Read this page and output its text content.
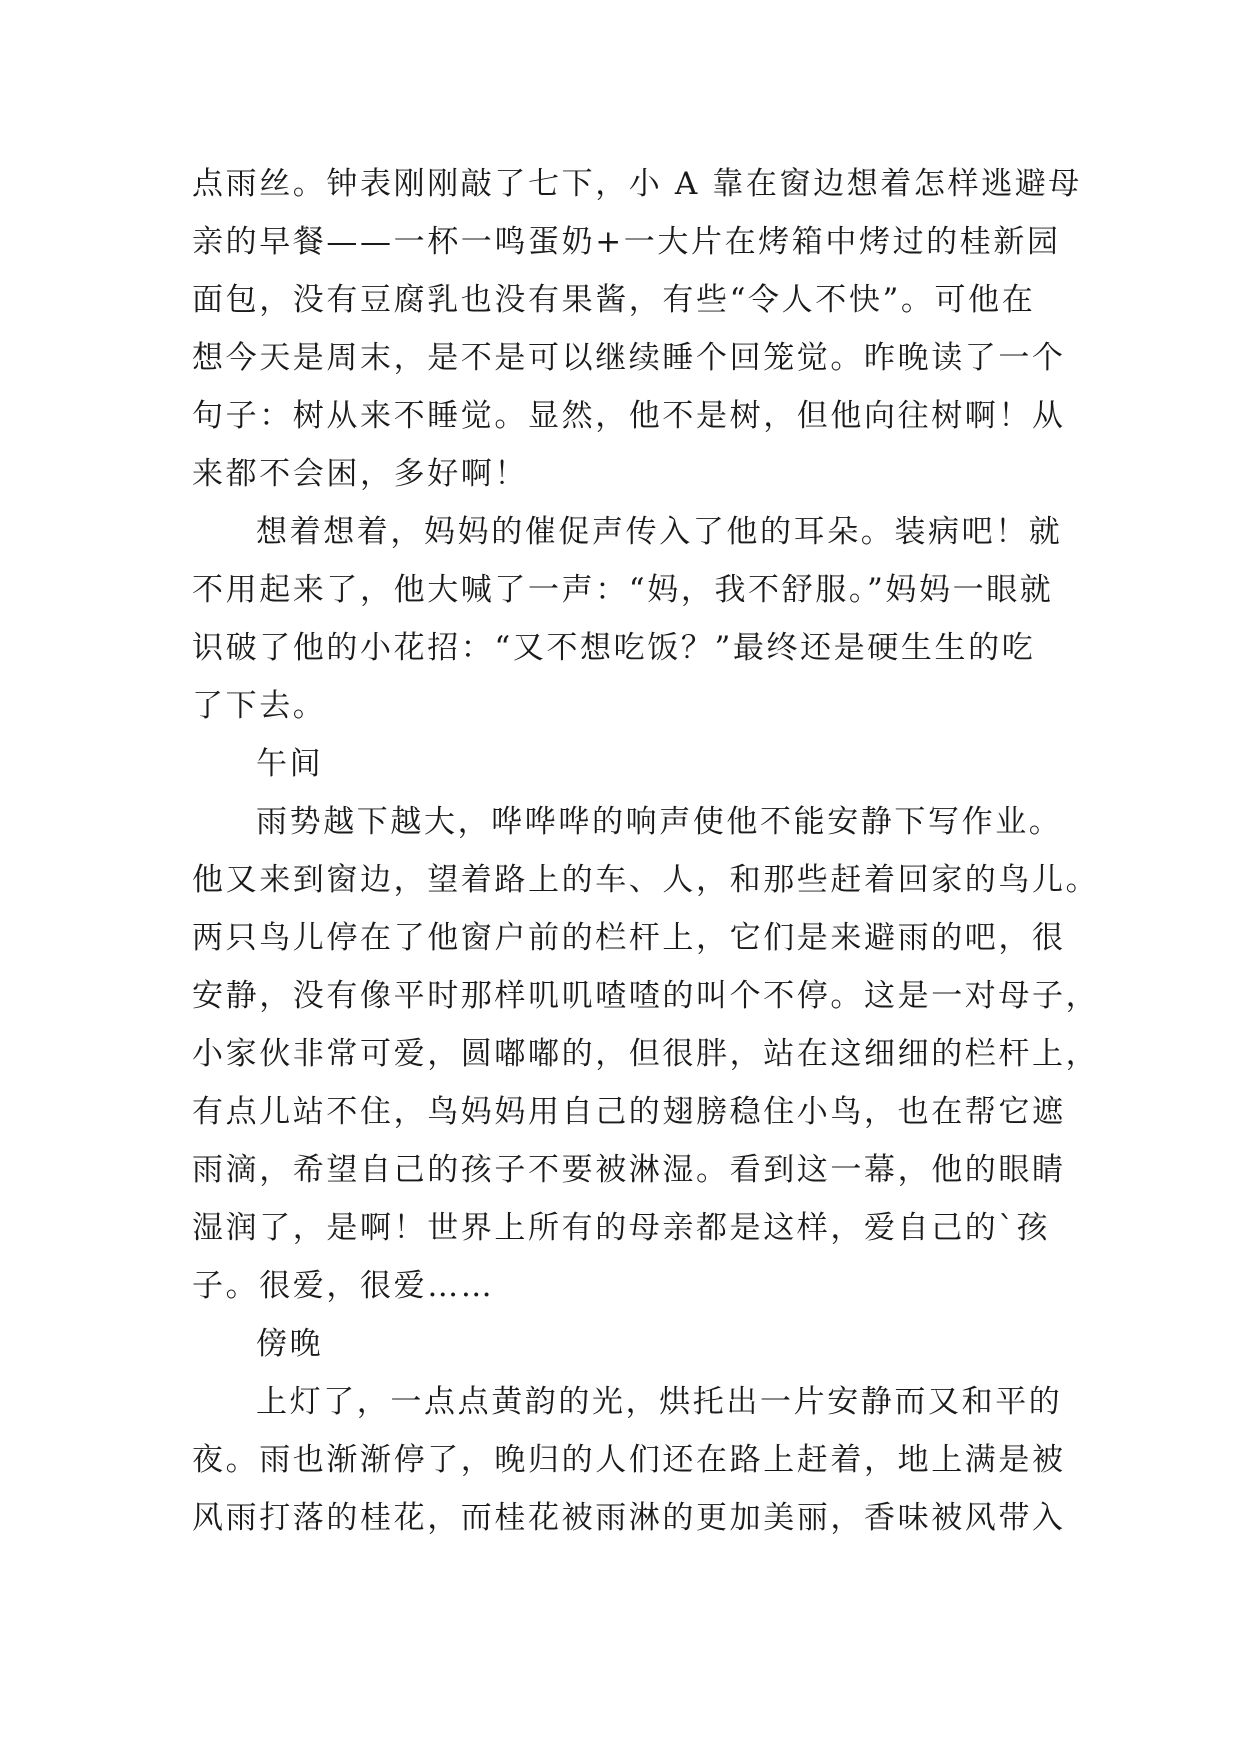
点雨丝。钟表刚刚敲了七下，小 A 靠在窗边想着怎样逃避母
亲的早餐——一杯一鸣蛋奶+一大片在烤箱中烤过的桂新园
面包，没有豆腐乳也没有果酱，有些“令人不快”。可他在
想今天是周末，是不是可以继续睡个回笼觉。昨晚读了一个
句子：树从来不睡觉。显然，他不是树，但他向往树啊！从
来都不会困，多好啊！
想着想着，妈妈的催促声传入了他的耳朵。装病吧！就
不用起来了，他大喊了一声：“妈，我不舒服。”妈妈一眼就
识破了他的小花招：“又不想吃饭？”最终还是硬生生的吃
了下去。
午间
雨势越下越大，哗哗哗的响声使他不能安静下写作业。
他又来到窗边，望着路上的车、人，和那些赶着回家的鸟儿。
两只鸟儿停在了他窗户前的栏杆上，它们是来避雨的吧，很
安静，没有像平时那样叽叽喳喳的叫个不停。这是一对母子，
小家伙非常可爱，圆嘟嘟的，但很胖，站在这细细的栏杆上，
有点儿站不住，鸟妈妈用自己的翅膀稳住小鸟，也在帮它遮
雨滴，希望自己的孩子不要被淋湿。看到这一幕，他的眼睛
湿润了，是啊！世界上所有的母亲都是这样，爱自己的`孩
子。很爱，很爱……
傍晚
上灯了，一点点黄韵的光，烘托出一片安静而又和平的
夜。雨也渐渐停了，晚归的人们还在路上赶着，地上满是被
风雨打落的桂花，而桂花被雨淋的更加美丽，香味被风带入
